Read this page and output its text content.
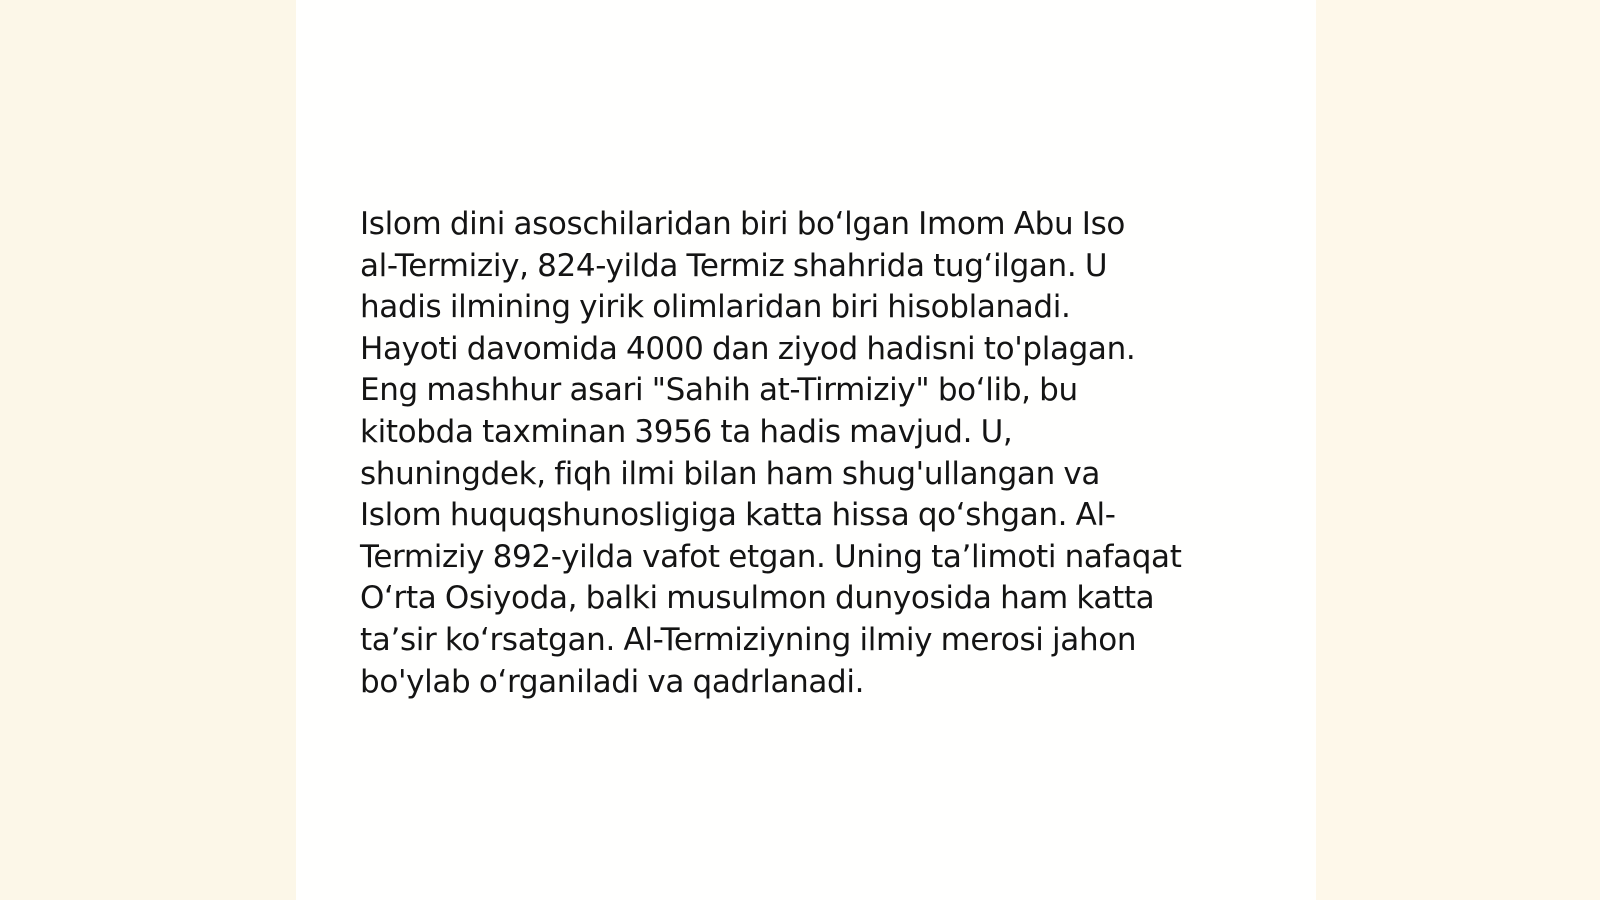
Islom dini asoschilaridan biri bo‘lgan Imom Abu Iso
al-Termiziy, 824-yilda Termiz shahrida tug‘ilgan. U
hadis ilmining yirik olimlaridan biri hisoblanadi.
Hayoti davomida 4000 dan ziyod hadisni to'plagan.
Eng mashhur asari "Sahih at-Tirmiziy" bo‘lib, bu
kitobda taxminan 3956 ta hadis mavjud. U,
shuningdek, fiqh ilmi bilan ham shug'ullangan va
Islom huquqshunosligiga katta hissa qo‘shgan. Al-
Termiziy 892-yilda vafot etgan. Uning ta’limoti nafaqat
O‘rta Osiyoda, balki musulmon dunyosida ham katta
ta’sir ko‘rsatgan. Al-Termiziyning ilmiy merosi jahon
bo'ylab o‘rganiladi va qadrlanadi.
